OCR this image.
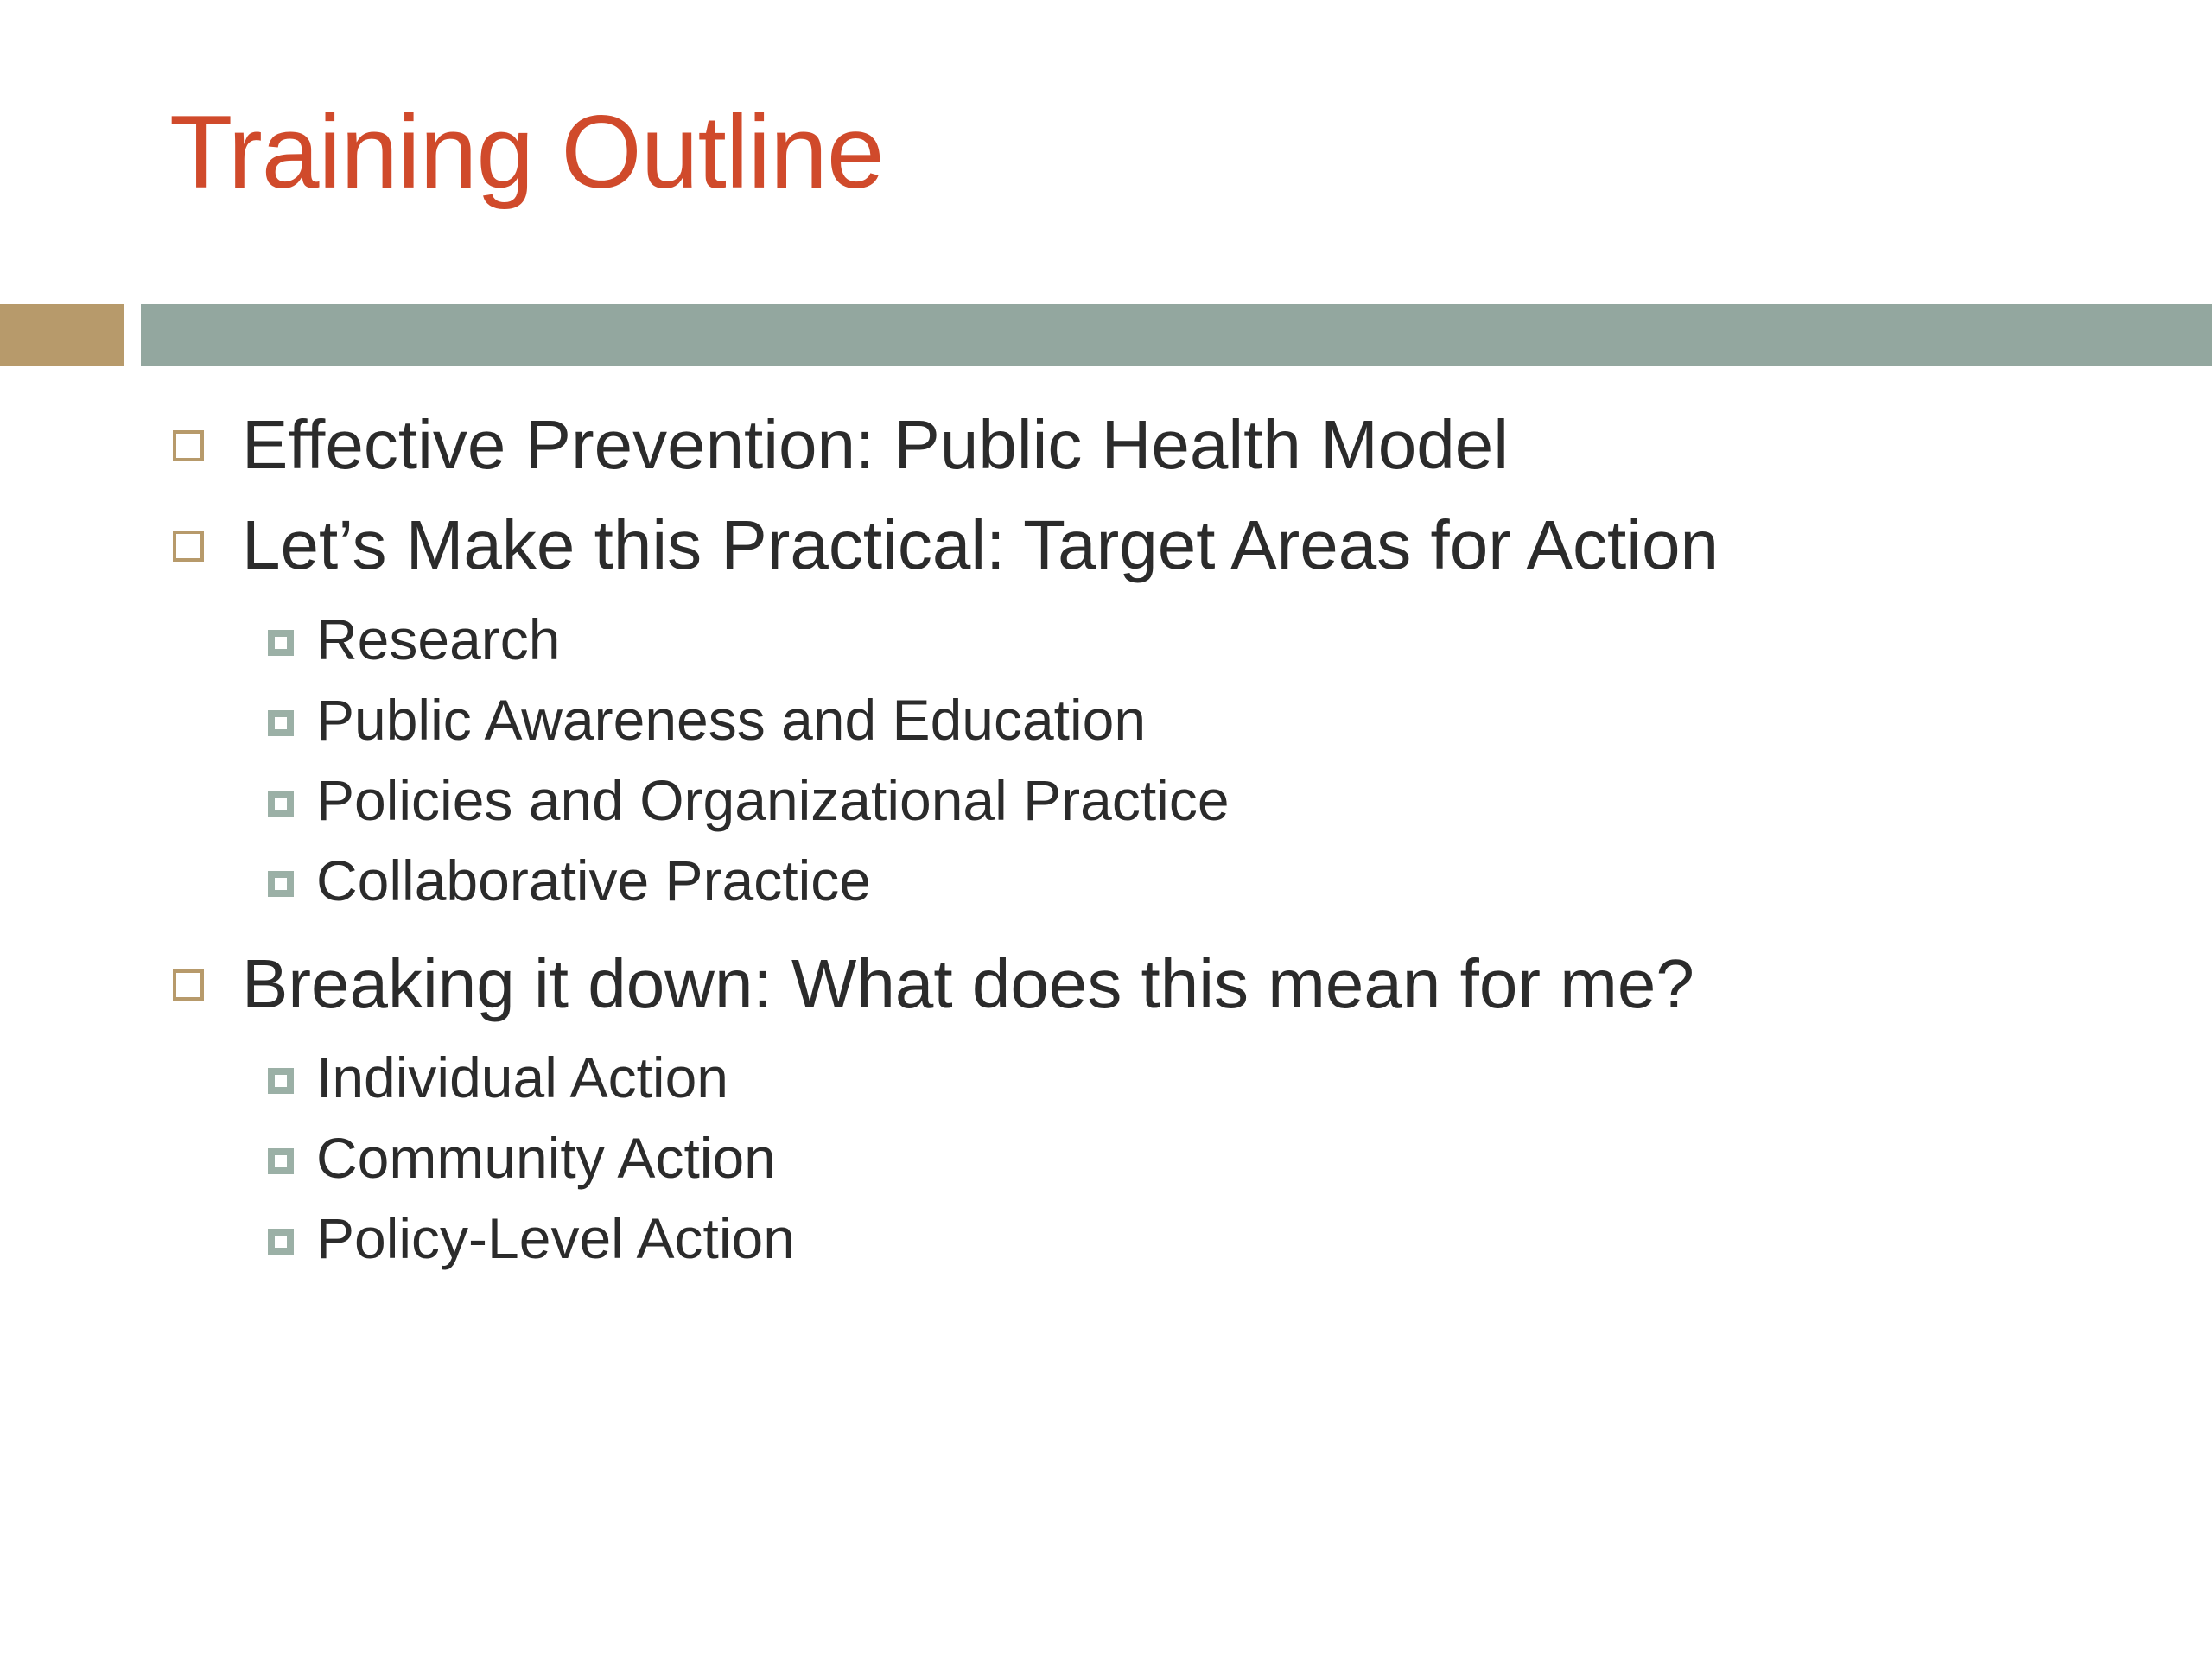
Training Outline
Effective Prevention: Public Health Model
Let’s Make this Practical: Target Areas for Action
Research
Public Awareness and Education
Policies and Organizational Practice
Collaborative Practice
Breaking it down: What does this mean for me?
Individual Action
Community Action
Policy-Level Action
